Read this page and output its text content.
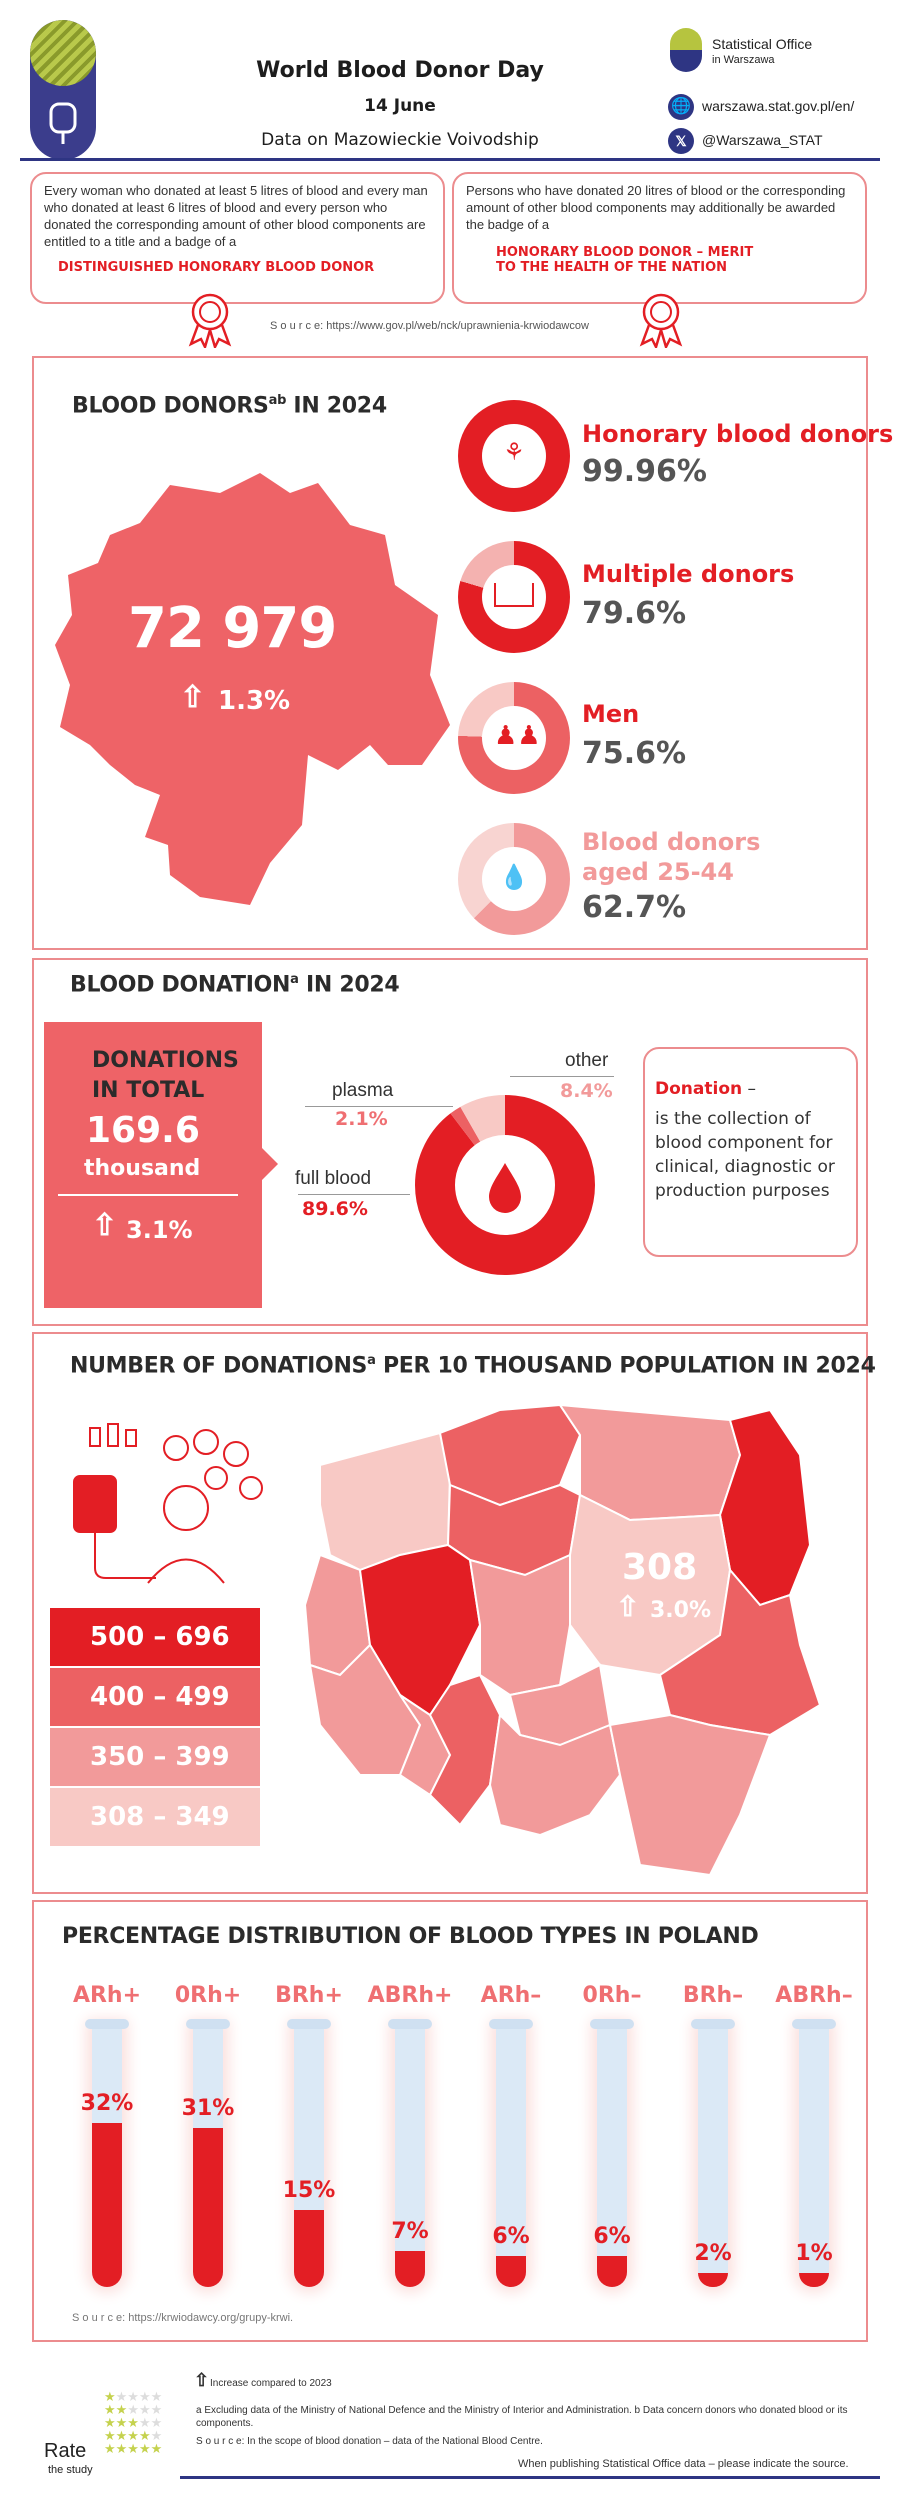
World Blood Donor Day
14 June
Data on Mazowieckie Voivodship
Statistical Office
in Warszawa
🌐 warszawa.stat.gov.pl/en/
𝕏	@Warszawa_STAT
Every woman who donated at least 5 litres of blood and every man who donated at least 6 litres of blood and every person who donated the corresponding amount of other blood components are entitled to a title and a badge of a
DISTINGUISHED HONORARY BLOOD DONOR
Persons who have donated 20 litres of blood or the corresponding amount of other blood components may additionally be awarded the badge of a
HONORARY BLOOD DONOR – MERIT
TO THE HEALTH OF THE NATION
S o u r c e: https://www.gov.pl/web/nck/uprawnienia-krwiodawcow
BLOOD $DONORS^{ab}$ IN 2024
72 979
⇧ 1.3%
⚘
Honorary blood donors
99.96%
Multiple donors
79.6%
♟♟
Men
75.6%
💧
Blood donors
aged 25-44
62.7%
BLOOD DONATION$^a$ IN 2024
DONATIONS
IN TOTAL
169.6
thousand
⇧ 3.1%
plasma
2.1%
other
8.4%
full blood
89.6%
Donation –
is the collection of blood component for clinical, diagnostic or production purposes
NUMBER OF DONATIONS$^a$ PER 10 THOUSAND POPULATION IN 2024
500 – 696
400 – 499
350 – 399
308 – 349
308
⇧ 3.0%
PERCENTAGE DISTRIBUTION OF BLOOD TYPES IN POLAND
ARh+
32%
0Rh+
31%
BRh+
15%
ABRh+
7%
ARh–
6%
0Rh–
6%
BRh–
2%
ABRh–
1%
S o u r c e: https://krwiodawcy.org/grupy-krwi.
⇧ Increase compared to 2023
a Excluding data of the Ministry of National Defence and the Ministry of Interior and Administration. b Data concern donors who donated blood or its components.
S o u r c e: In the scope of blood donation – data of the National Blood Centre.
When publishing Statistical Office data – please indicate the source.
★★★★★
★★★★★
★★★★★
★★★★★
★★★★★
Rate
the study
